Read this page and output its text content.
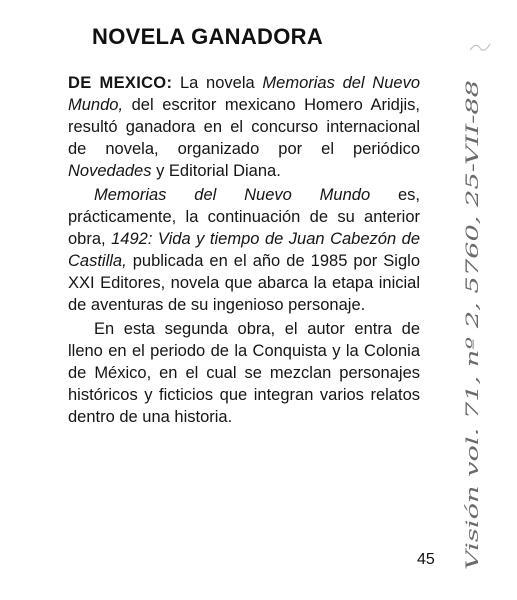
NOVELA GANADORA

DE MEXICO: La novela Memorias del Nuevo Mundo, del escritor mexicano Homero Aridjis, resultó ganadora en el concurso internacional de novela, organizado por el periódico Novedades y Editorial Diana.

Memorias del Nuevo Mundo es, prácticamente, la continuación de su anterior obra, 1492: Vida y tiempo de Juan Cabezón de Castilla, publicada en el año de 1985 por Siglo XXI Editores, novela que abarca la etapa inicial de aventuras de su ingenioso personaje.

En esta segunda obra, el autor entra de lleno en el periodo de la Conquista y la Colonia de México, en el cual se mezclan personajes históricos y ficticios que integran varios relatos dentro de una historia.

45 Visión vol. 71, nº 2, 5760, 25-VII-88
